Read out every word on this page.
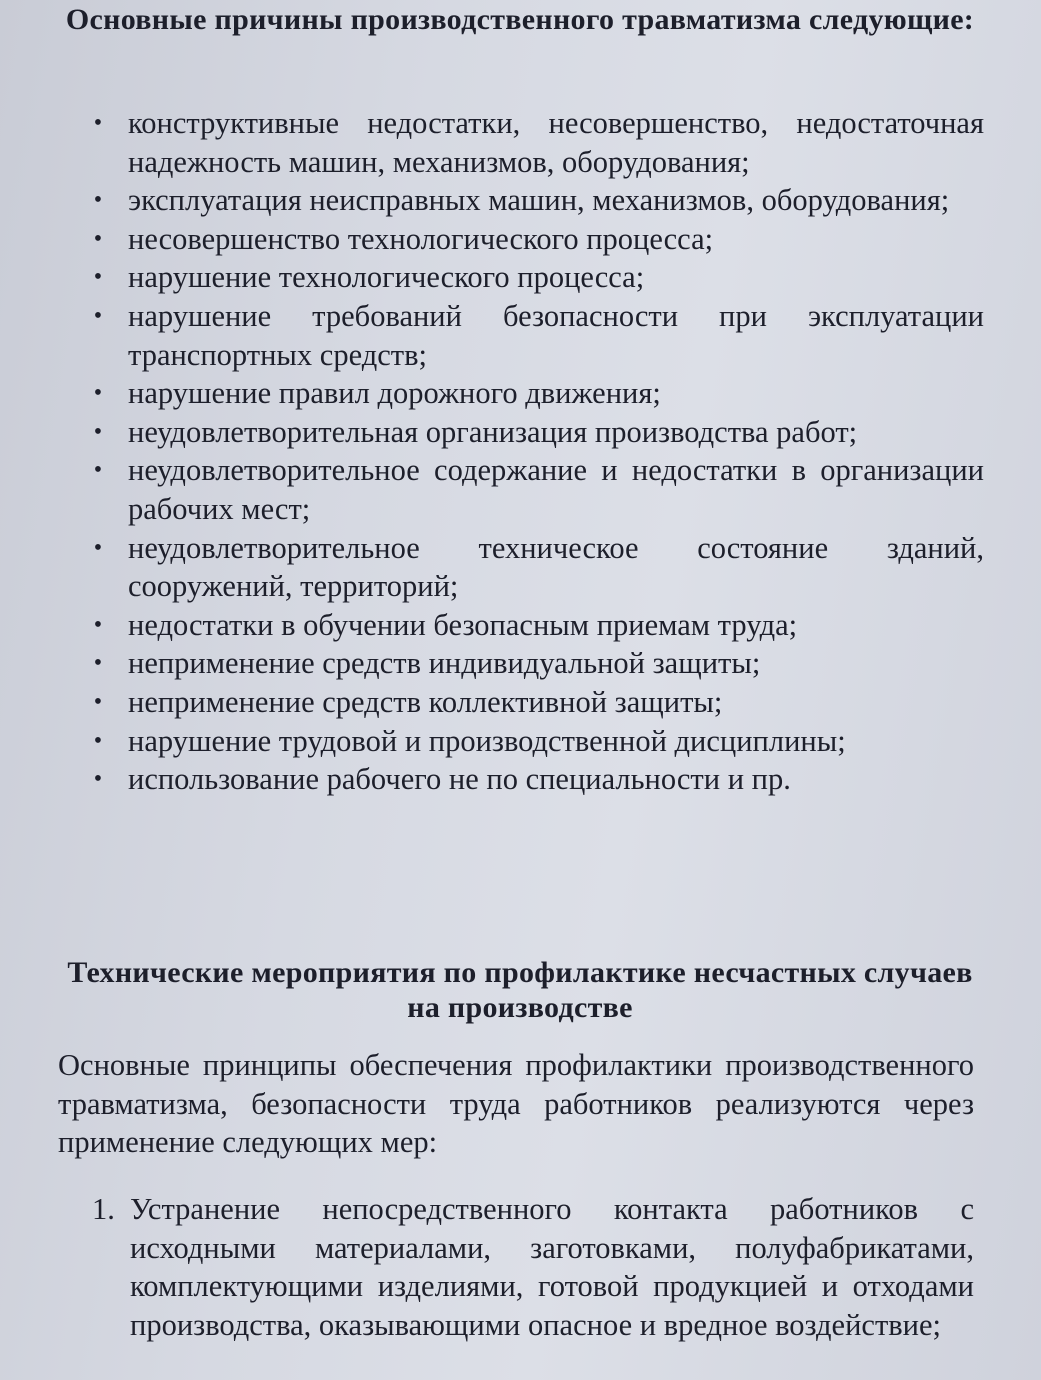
Основные причины производственного травматизма следующие:
• конструктивные недостатки, несовершенство, недостаточная надежность машин, механизмов, оборудования;
• эксплуатация неисправных машин, механизмов, оборудования;
• несовершенство технологического процесса;
• нарушение технологического процесса;
• нарушение требований безопасности при эксплуатации транспортных средств;
• нарушение правил дорожного движения;
• неудовлетворительная организация производства работ;
• неудовлетворительное содержание и недостатки в организации рабочих мест;
• неудовлетворительное техническое состояние зданий, сооружений, территорий;
• недостатки в обучении безопасным приемам труда;
• неприменение средств индивидуальной защиты;
• неприменение средств коллективной защиты;
• нарушение трудовой и производственной дисциплины;
• использование рабочего не по специальности и пр.
Технические мероприятия по профилактике несчастных случаев на производстве

Основные принципы обеспечения профилактики производственного травматизма, безопасности труда работников реализуются через применение следующих мер:

1. Устранение непосредственного контакта работников с исходными материалами, заготовками, полуфабрикатами, комплектующими изделиями, готовой продукцией и отходами производства, оказывающими опасное и вредное воздействие;
